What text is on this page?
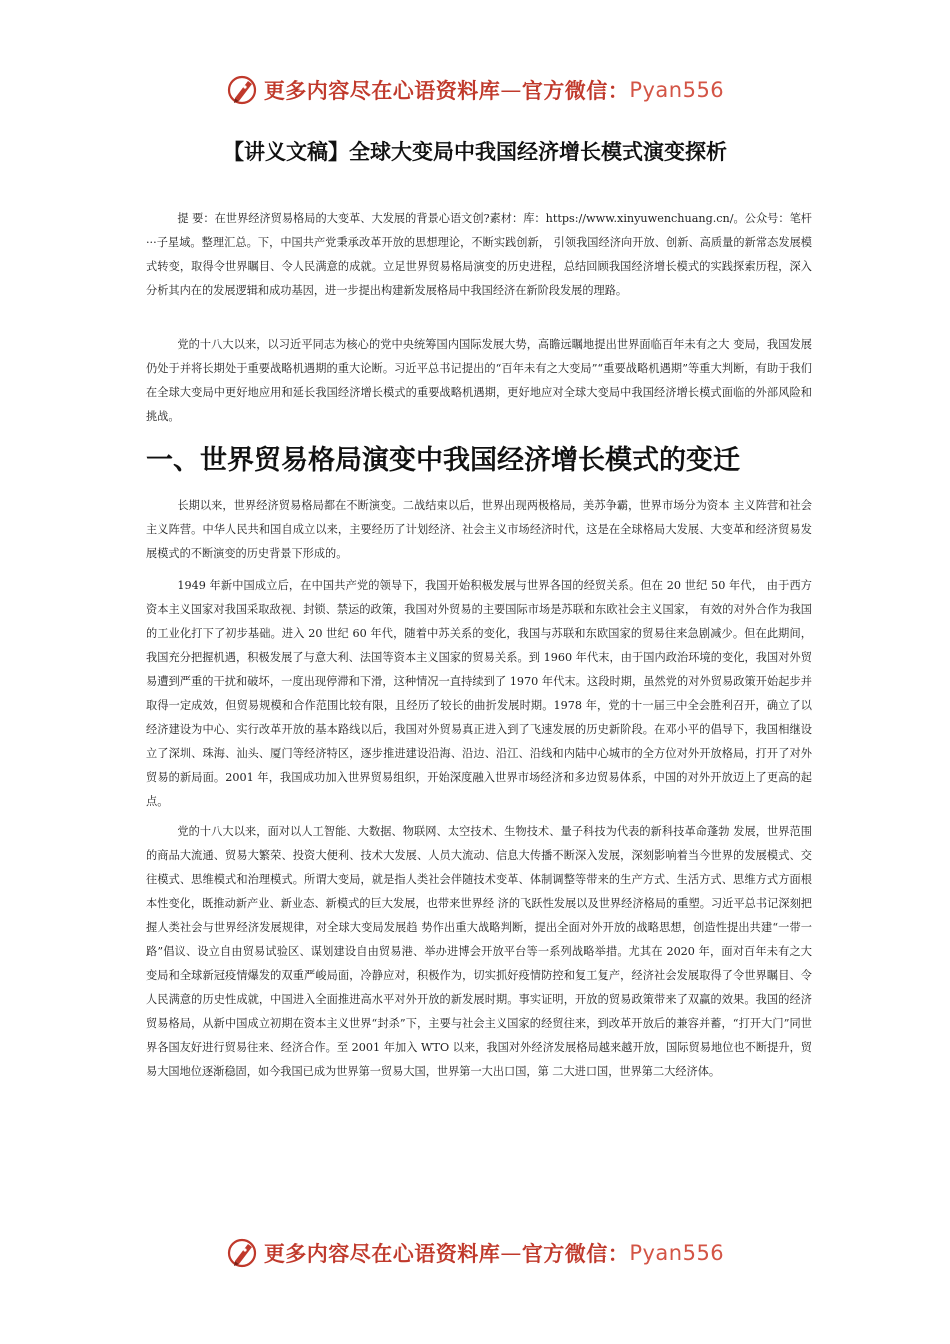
更多内容尽在心语资料库 — 官方微信： Pyan556
【讲义文稿】全球大变局中我国经济增长模式演变探析

提 要：在世界经济贸易格局的大变革、大发展的背景心语文创?素材：库：https://www.xinyuwenchuang.cn/。公众号：笔杆···子星域。整理汇总。下，中国共产党秉承改革开放的思想理论，不断实践创新， 引领我国经济向开放、创新、高质量的新常态发展模式转变，取得令世界瞩目、令人民满意的成就。立足世界贸易格局演变的历史进程，总结回顾我国经济增长模式的实践探索历程，深入分析其内在的发展逻辑和成功基因，进一步提出构建新发展格局中我国经济在新阶段发展的理路。

党的十八大以来，以习近平同志为核心的党中央统筹国内国际发展大势，高瞻远瞩地提出世界面临百年未有之大 变局，我国发展仍处于并将长期处于重要战略机遇期的重大论断。习近平总书记提出的“百年未有之大变局”“重要战略机遇期”等重大判断，有助于我们在全球大变局中更好地应用和延长我国经济增长模式的重要战略机遇期，更好地应对全球大变局中我国经济增长模式面临的外部风险和挑战。

一、世界贸易格局演变中我国经济增长模式的变迁

长期以来，世界经济贸易格局都在不断演变。二战结束以后，世界出现两极格局，美苏争霸，世界市场分为资本 主义阵营和社会主义阵营。中华人民共和国自成立以来，主要经历了计划经济、社会主义市场经济时代，这是在全球格局大发展、大变革和经济贸易发展模式的不断演变的历史背景下形成的。

1949 年新中国成立后，在中国共产党的领导下，我国开始积极发展与世界各国的经贸关系。但在 20 世纪 50 年代， 由于西方资本主义国家对我国采取敌视、封锁、禁运的政策，我国对外贸易的主要国际市场是苏联和东欧社会主义国家， 有效的对外合作为我国的工业化打下了初步基础。进入 20 世纪 60 年代，随着中苏关系的变化，我国与苏联和东欧国家的贸易往来急剧减少。但在此期间，我国充分把握机遇，积极发展了与意大利、法国等资本主义国家的贸易关系。到 1960 年代末，由于国内政治环境的变化，我国对外贸易遭到严重的干扰和破坏，一度出现停滞和下滑，这种情况一直持续到了 1970 年代末。这段时期，虽然党的对外贸易政策开始起步并取得一定成效，但贸易规模和合作范围比较有限，且经历了较长的曲折发展时期。1978 年，党的十一届三中全会胜利召开，确立了以经济建设为中心、实行改革开放的基本路线以后，我国对外贸易真正进入到了飞速发展的历史新阶段。在邓小平的倡导下，我国相继设立了深圳、珠海、汕头、厦门等经济特区，逐步推进建设沿海、沿边、沿江、沿线和内陆中心城市的全方位对外开放格局，打开了对外贸易的新局面。2001 年，我国成功加入世界贸易组织，开始深度融入世界市场经济和多边贸易体系，中国的对外开放迈上了更高的起点。

党的十八大以来，面对以人工智能、大数据、物联网、太空技术、生物技术、量子科技为代表的新科技革命蓬勃 发展，世界范围的商品大流通、贸易大繁荣、投资大便利、技术大发展、人员大流动、信息大传播不断深入发展，深刻影响着当今世界的发展模式、交往模式、思维模式和治理模式。所谓大变局，就是指人类社会伴随技术变革、体制调整等带来的生产方式、生活方式、思维方式方面根本性变化，既推动新产业、新业态、新模式的巨大发展，也带来世界经 济的飞跃性发展以及世界经济格局的重塑。习近平总书记深刻把握人类社会与世界经济发展规律，对全球大变局发展趋 势作出重大战略判断，提出全面对外开放的战略思想，创造性提出共建“一带一路”倡议、设立自由贸易试验区、谋划建设自由贸易港、举办进博会开放平台等一系列战略举措。尤其在 2020 年，面对百年未有之大变局和全球新冠疫情爆发的双重严峻局面，冷静应对，积极作为，切实抓好疫情防控和复工复产，经济社会发展取得了令世界瞩目、令人民满意的历史性成就，中国进入全面推进高水平对外开放的新发展时期。事实证明，开放的贸易政策带来了双赢的效果。我国的经济贸易格局，从新中国成立初期在资本主义世界“封杀”下，主要与社会主义国家的经贸往来，到改革开放后的兼容并蓄，“打开大门”同世界各国友好进行贸易往来、经济合作。至 2001 年加入 WTO 以来，我国对外经济发展格局越来越开放，国际贸易地位也不断提升，贸易大国地位逐渐稳固，如今我国已成为世界第一贸易大国，世界第一大出口国，第 二大进口国，世界第二大经济体。

更多内容尽在心语资料库 — 官方微信： Pyan556
